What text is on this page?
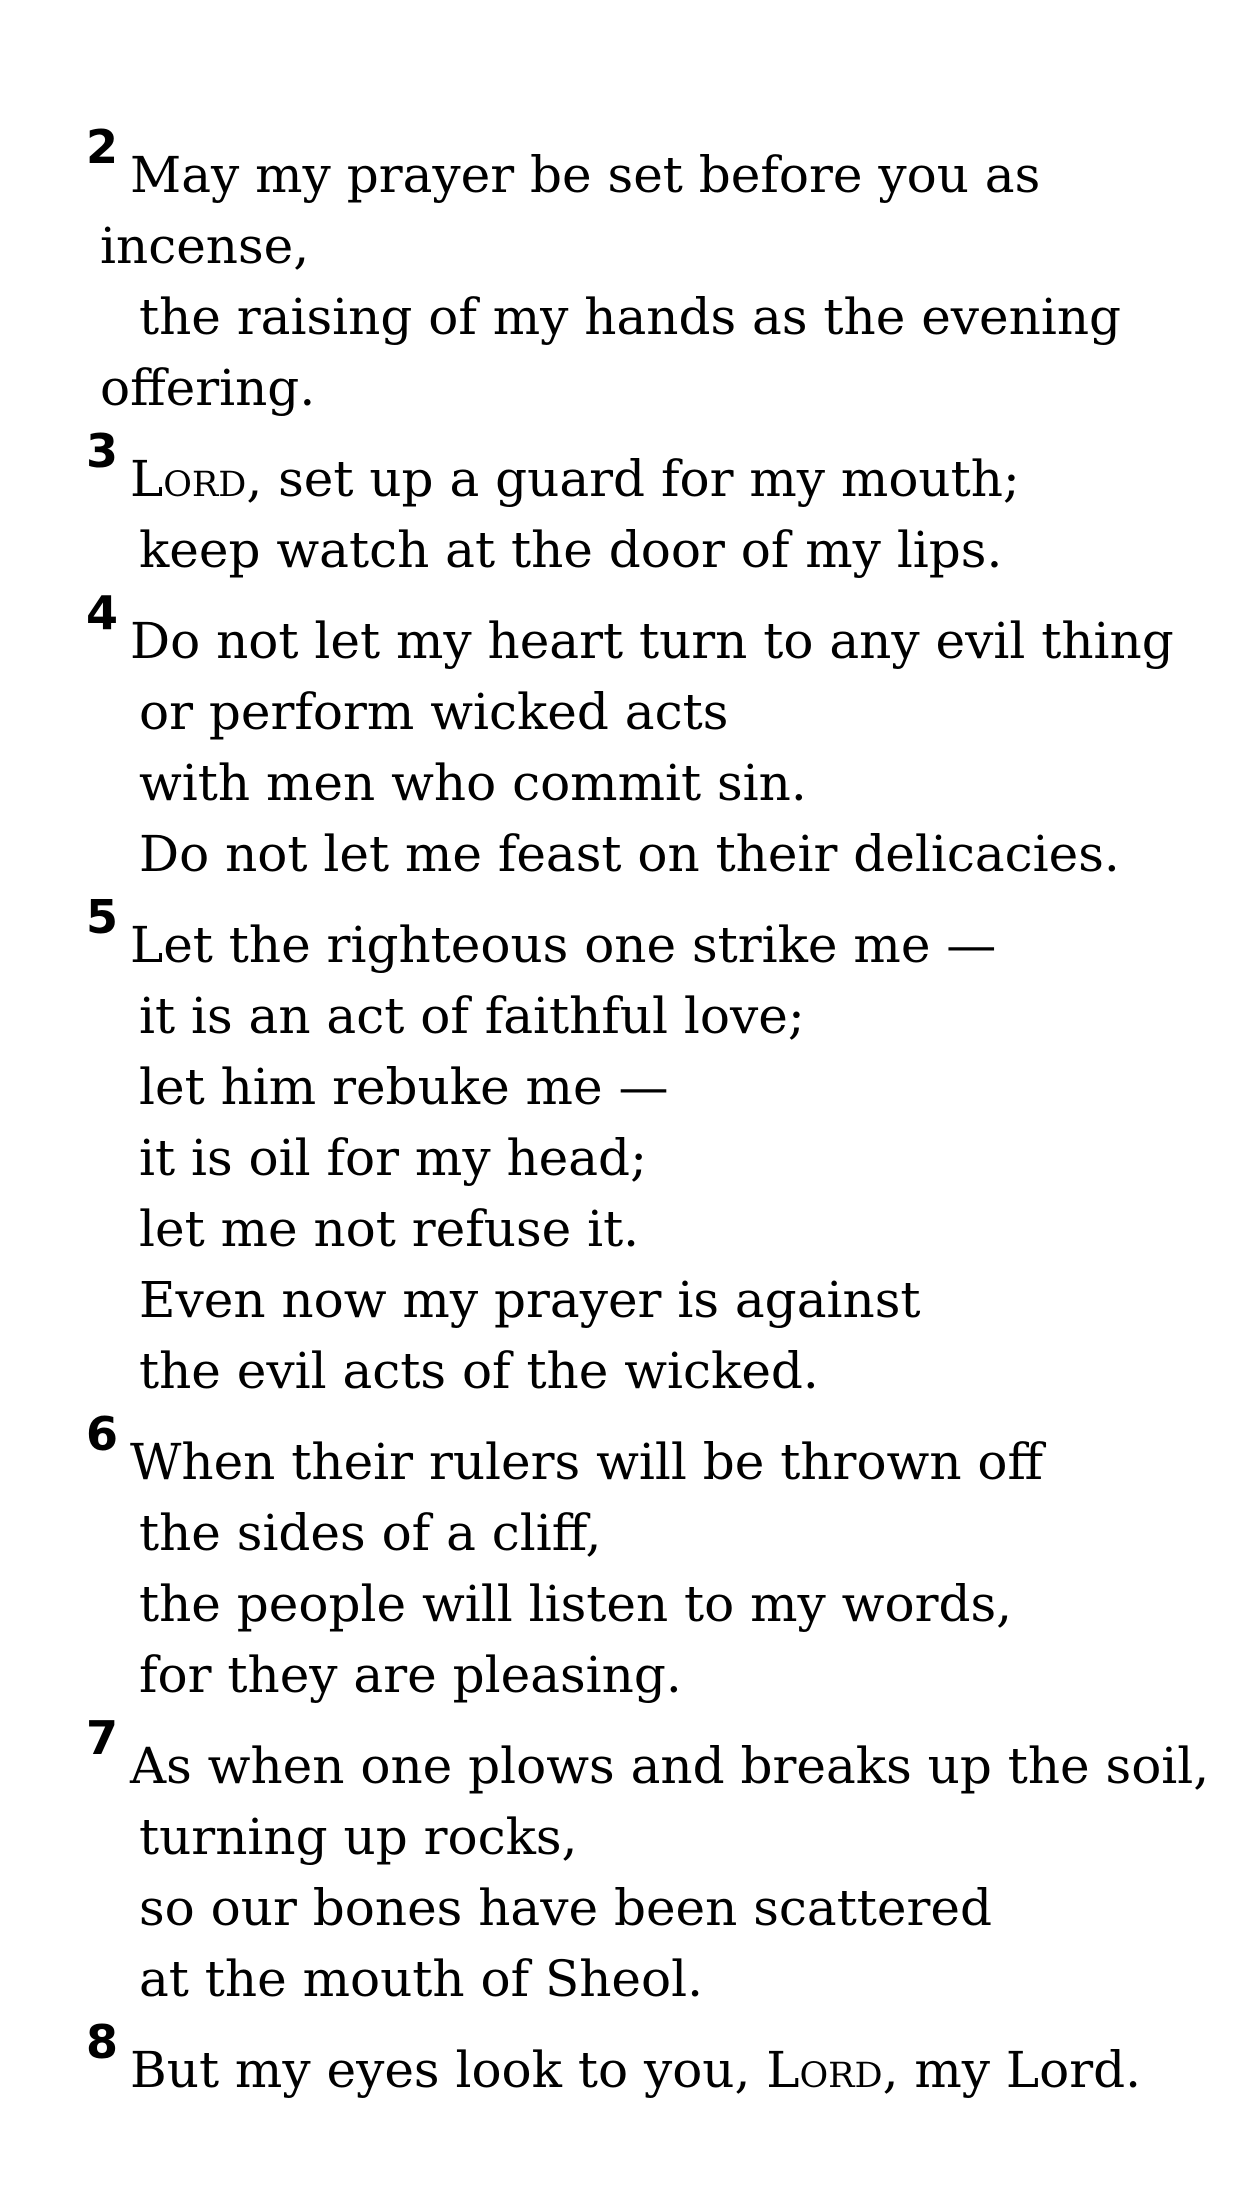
2 May my prayer be set before you as
incense,
the raising of my hands as the evening
offering.
3 Lord, set up a guard for my mouth;
keep watch at the door of my lips.
4 Do not let my heart turn to any evil thing
or perform wicked acts
with men who commit sin.
Do not let me feast on their delicacies.
5 Let the righteous one strike me —
it is an act of faithful love;
let him rebuke me —
it is oil for my head;
let me not refuse it.
Even now my prayer is against
the evil acts of the wicked.
6 When their rulers will be thrown off
the sides of a cliff,
the people will listen to my words,
for they are pleasing.
7 As when one plows and breaks up the soil,
turning up rocks,
so our bones have been scattered
at the mouth of Sheol.
8 But my eyes look to you, Lord, my Lord.
